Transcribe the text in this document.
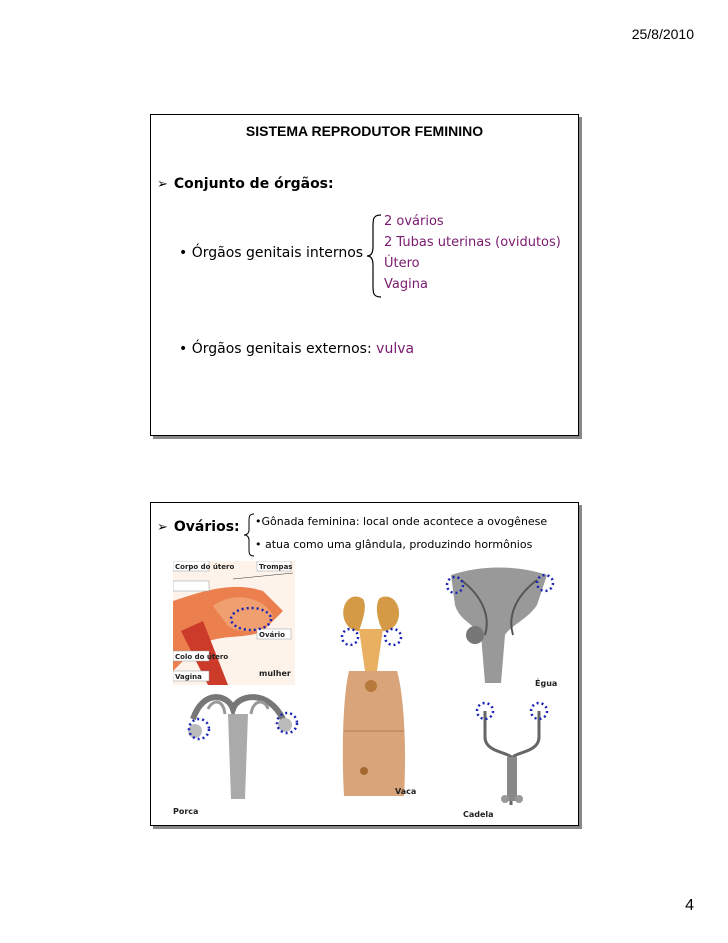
25/8/2010
SISTEMA REPRODUTOR FEMININO
➢ Conjunto de órgãos:
• Órgãos genitais internos
2 ovários
2 Tubas uterinas (ovidutos)
Útero
Vagina
• Órgãos genitais externos: vulva
➢ Ovários: •Gônada feminina: local onde acontece a ovogênese
• atua como uma glândula, produzindo hormônios
Corpo do útero
Colo do útero
Vagina
Trompas
Ovário
mulher
Porca
Vaca
Égua
Cadela
4
